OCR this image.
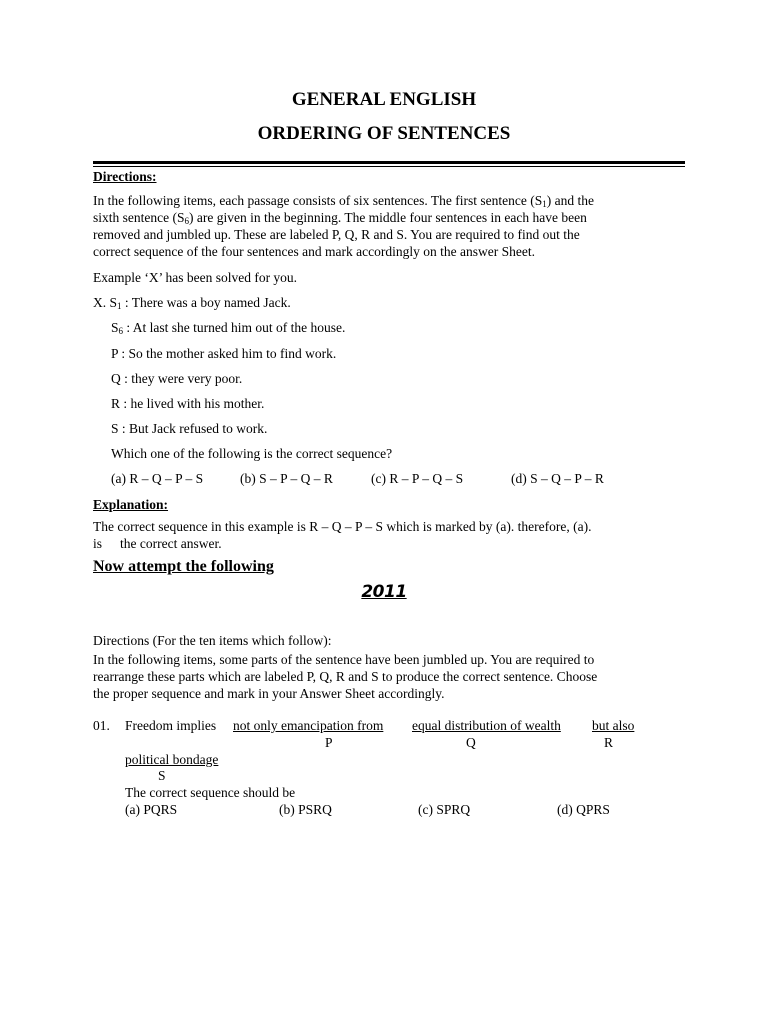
GENERAL ENGLISH
ORDERING OF SENTENCES
Directions:
In the following items, each passage consists of six sentences. The first sentence $(S_1)$ and the
sixth sentence $(S_6)$ are given in the beginning. The middle four sentences in each have been
removed and jumbled up. These are labeled P, Q, R and S. You are required to find out the
correct sequence of the four sentences and mark accordingly on the answer Sheet.
Example ‘X’ has been solved for you.
X. $S_1$ : There was a boy named Jack.
$S_6$ : At last she turned him out of the house.
P : So the mother asked him to find work.
Q : they were very poor.
R : he lived with his mother.
S : But Jack refused to work.
Which one of the following is the correct sequence?
(a) R – Q – P – S	(b) S – P – Q – R	(c) R – P – Q – S	(d) S – Q – P – R
Explanation:
The correct sequence in this example is R – Q – P – S which is marked by (a). therefore, (a).
is the correct answer.
Now attempt the following
2011
Directions (For the ten items which follow):
In the following items, some parts of the sentence have been jumbled up. You are required to
rearrange these parts which are labeled P, Q, R and S to produce the correct sentence. Choose
the proper sequence and mark in your Answer Sheet accordingly.
01. Freedom implies not only emancipation from equal distribution of wealth but also
P	Q	R
political bondage
S
The correct sequence should be
(a) PQRS	(b) PSRQ	(c) SPRQ	(d) QPRS
